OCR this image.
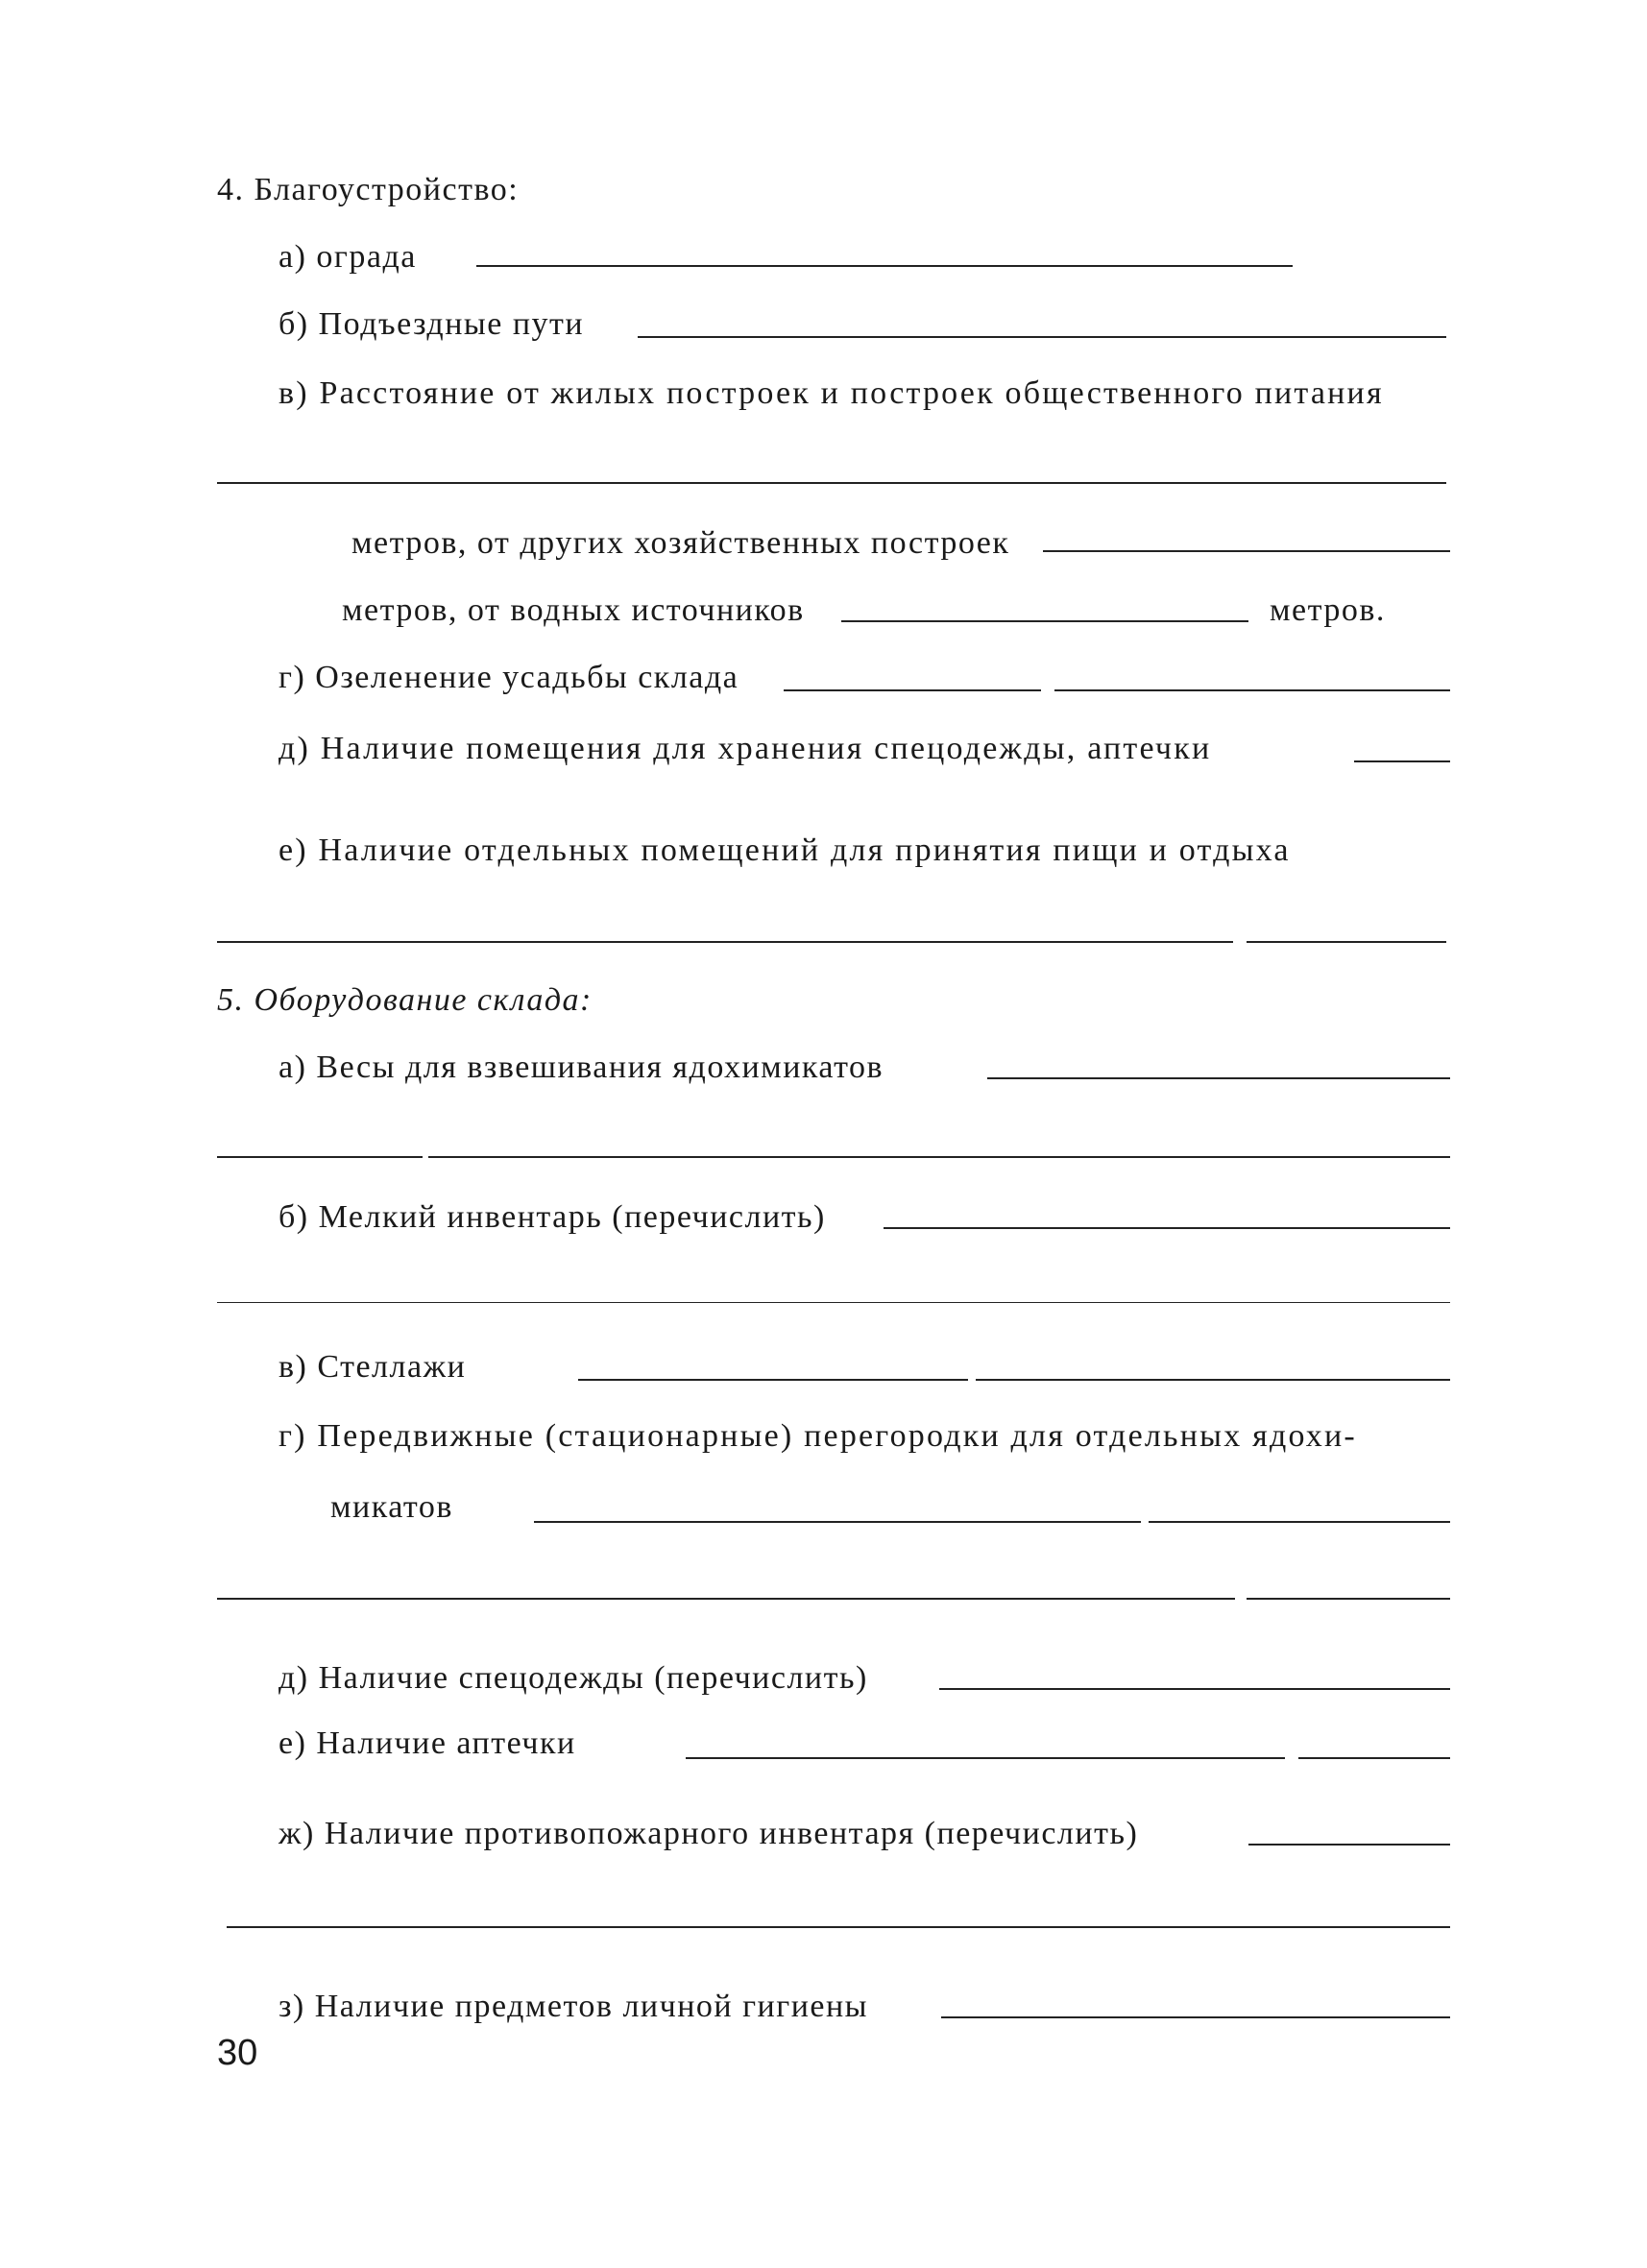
4. Благоустройство:
а) ограда
б) Подъездные пути
в) Расстояние от жилых построек и построек общественного питания
метров, от других хозяйственных построек
метров, от водных источников	метров.
г) Озеленение усадьбы склада
д) Наличие помещения для хранения спецодежды, аптечки
е) Наличие отдельных помещений для принятия пищи и отдыха
5. Оборудование склада:
а) Весы для взвешивания ядохимикатов
б) Мелкий инвентарь (перечислить)
в) Стеллажи
г) Передвижные (стационарные) перегородки для отдельных ядохи-
микатов
д) Наличие спецодежды (перечислить)
е) Наличие аптечки
ж) Наличие противопожарного инвентаря (перечислить)
з) Наличие предметов личной гигиены
30
